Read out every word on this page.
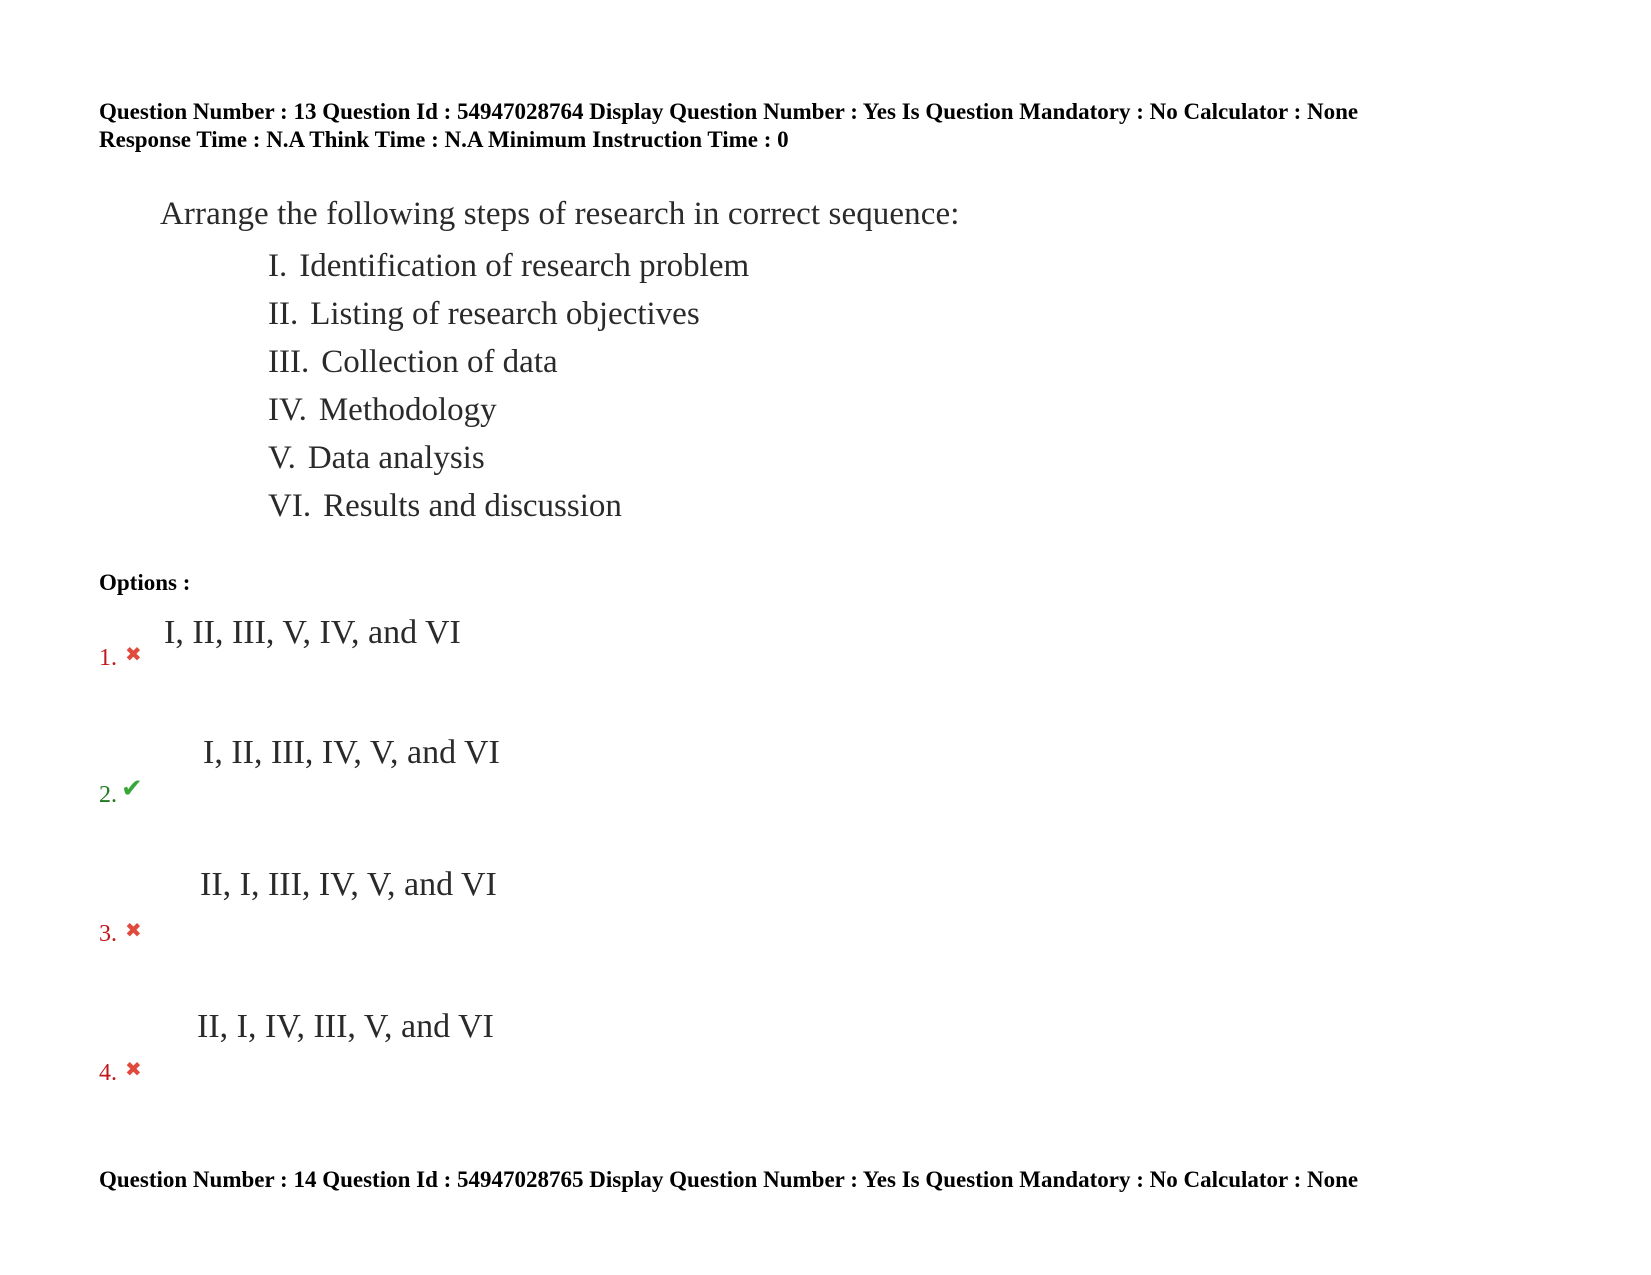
Question Number : 13 Question Id : 54947028764 Display Question Number : Yes Is Question Mandatory : No Calculator : None
Response Time : N.A Think Time : N.A Minimum Instruction Time : 0
Arrange the following steps of research in correct sequence:
I. Identification of research problem
II. Listing of research objectives
III. Collection of data
IV. Methodology
V. Data analysis
VI. Results and discussion
Options :
1. ✖
I, II, III, V, IV, and VI
2. ✔
I, II, III, IV, V, and VI
3. ✖
II, I, III, IV, V, and VI
4. ✖
II, I, IV, III, V, and VI
Question Number : 14 Question Id : 54947028765 Display Question Number : Yes Is Question Mandatory : No Calculator : None
